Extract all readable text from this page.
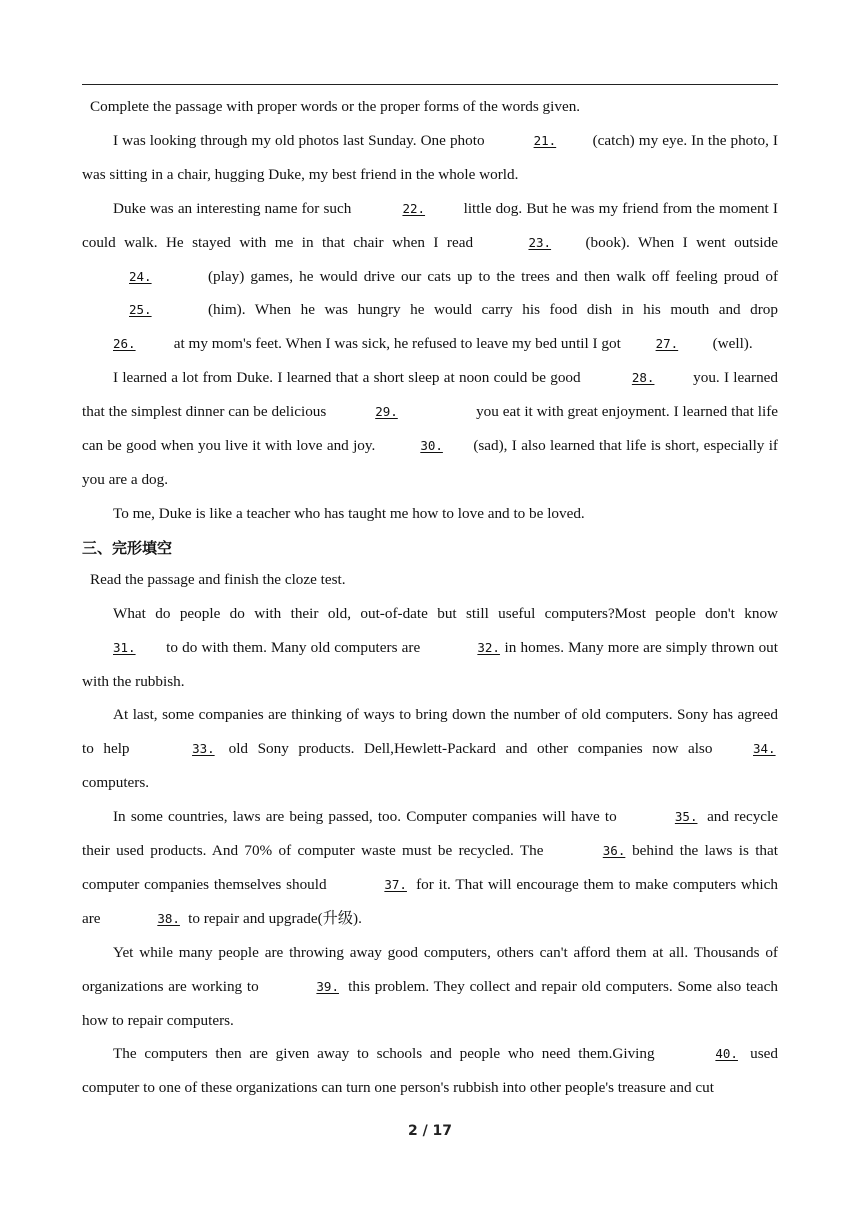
Complete the passage with proper words or the proper forms of the words given.

I was looking through my old photos last Sunday. One photo	21. (catch) my eye. In the photo, I was sitting in a chair, hugging Duke, my best friend in the whole world.

Duke was an interesting name for such	22. little dog. But he was my friend from the moment I could walk. He stayed with me in that chair when I read	23. (book). When I went outside 24.	(play) games, he would drive our cats up to the trees and then walk off feeling proud of 25.	(him). When he was hungry he would carry his food dish in his mouth and drop 26. at my mom's feet. When I was sick, he refused to leave my bed until I got 27. (well).

I learned a lot from Duke. I learned that a short sleep at noon could be good	28. you. I learned that the simplest dinner can be delicious	29.	you eat it with great enjoyment. I learned that life can be good when you live it with love and joy.	30. (sad), I also learned that life is short, especially if you are a dog.

To me, Duke is like a teacher who has taught me how to love and to be loved.

三、完形填空

Read the passage and finish the cloze test.

What do people do with their old, out-of-date but still useful computers?Most people don't know 31. to do with them. Many old computers are	32. in homes. Many more are simply thrown out with the rubbish.

At last, some companies are thinking of ways to bring down the number of old computers. Sony has agreed to help	33. old Sony products. Dell,Hewlett-Packard and other companies now also 34. computers.

In some countries, laws are being passed, too. Computer companies will have to	35. and recycle their used products. And 70% of computer waste must be recycled. The	36. behind the laws is that computer companies themselves should	37. for it. That will encourage them to make computers which are	38. to repair and upgrade(升级).

Yet while many people are throwing away good computers, others can't afford them at all. Thousands of organizations are working to	39. this problem. They collect and repair old computers. Some also teach how to repair computers.

The computers then are given away to schools and people who need them.Giving	40. used computer to one of these organizations can turn one person's rubbish into other people's treasure and cut

2 / 17
